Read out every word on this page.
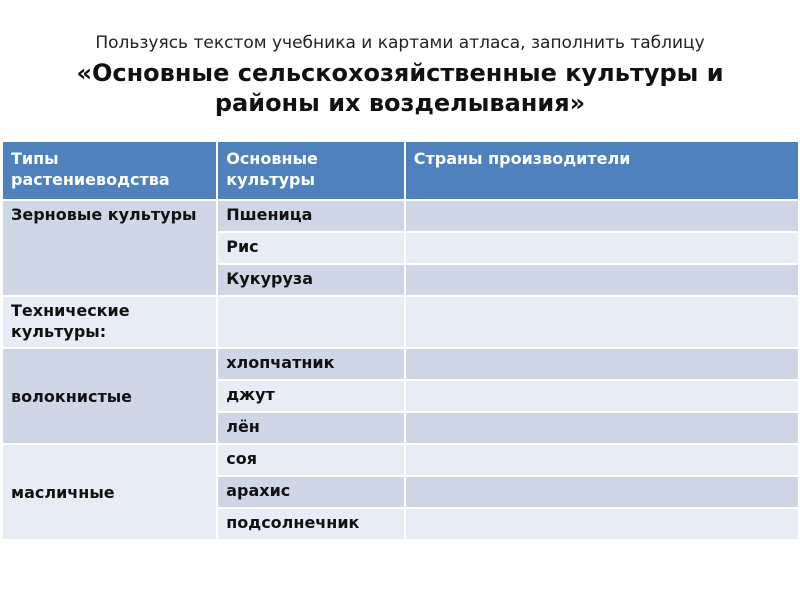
Пользуясь текстом учебника и картами атласа, заполнить таблицу
«Основные сельскохозяйственные культуры и
районы их возделывания»
Типы растениеводства	Основные культуры	Страны производители
Зерновые культуры	Пшеница	
	Рис	
	Кукуруза	
Технические культуры:		
волокнистые	хлопчатник	
	джут	
	лён	
масличные	соя	
	арахис	
	подсолнечник	
